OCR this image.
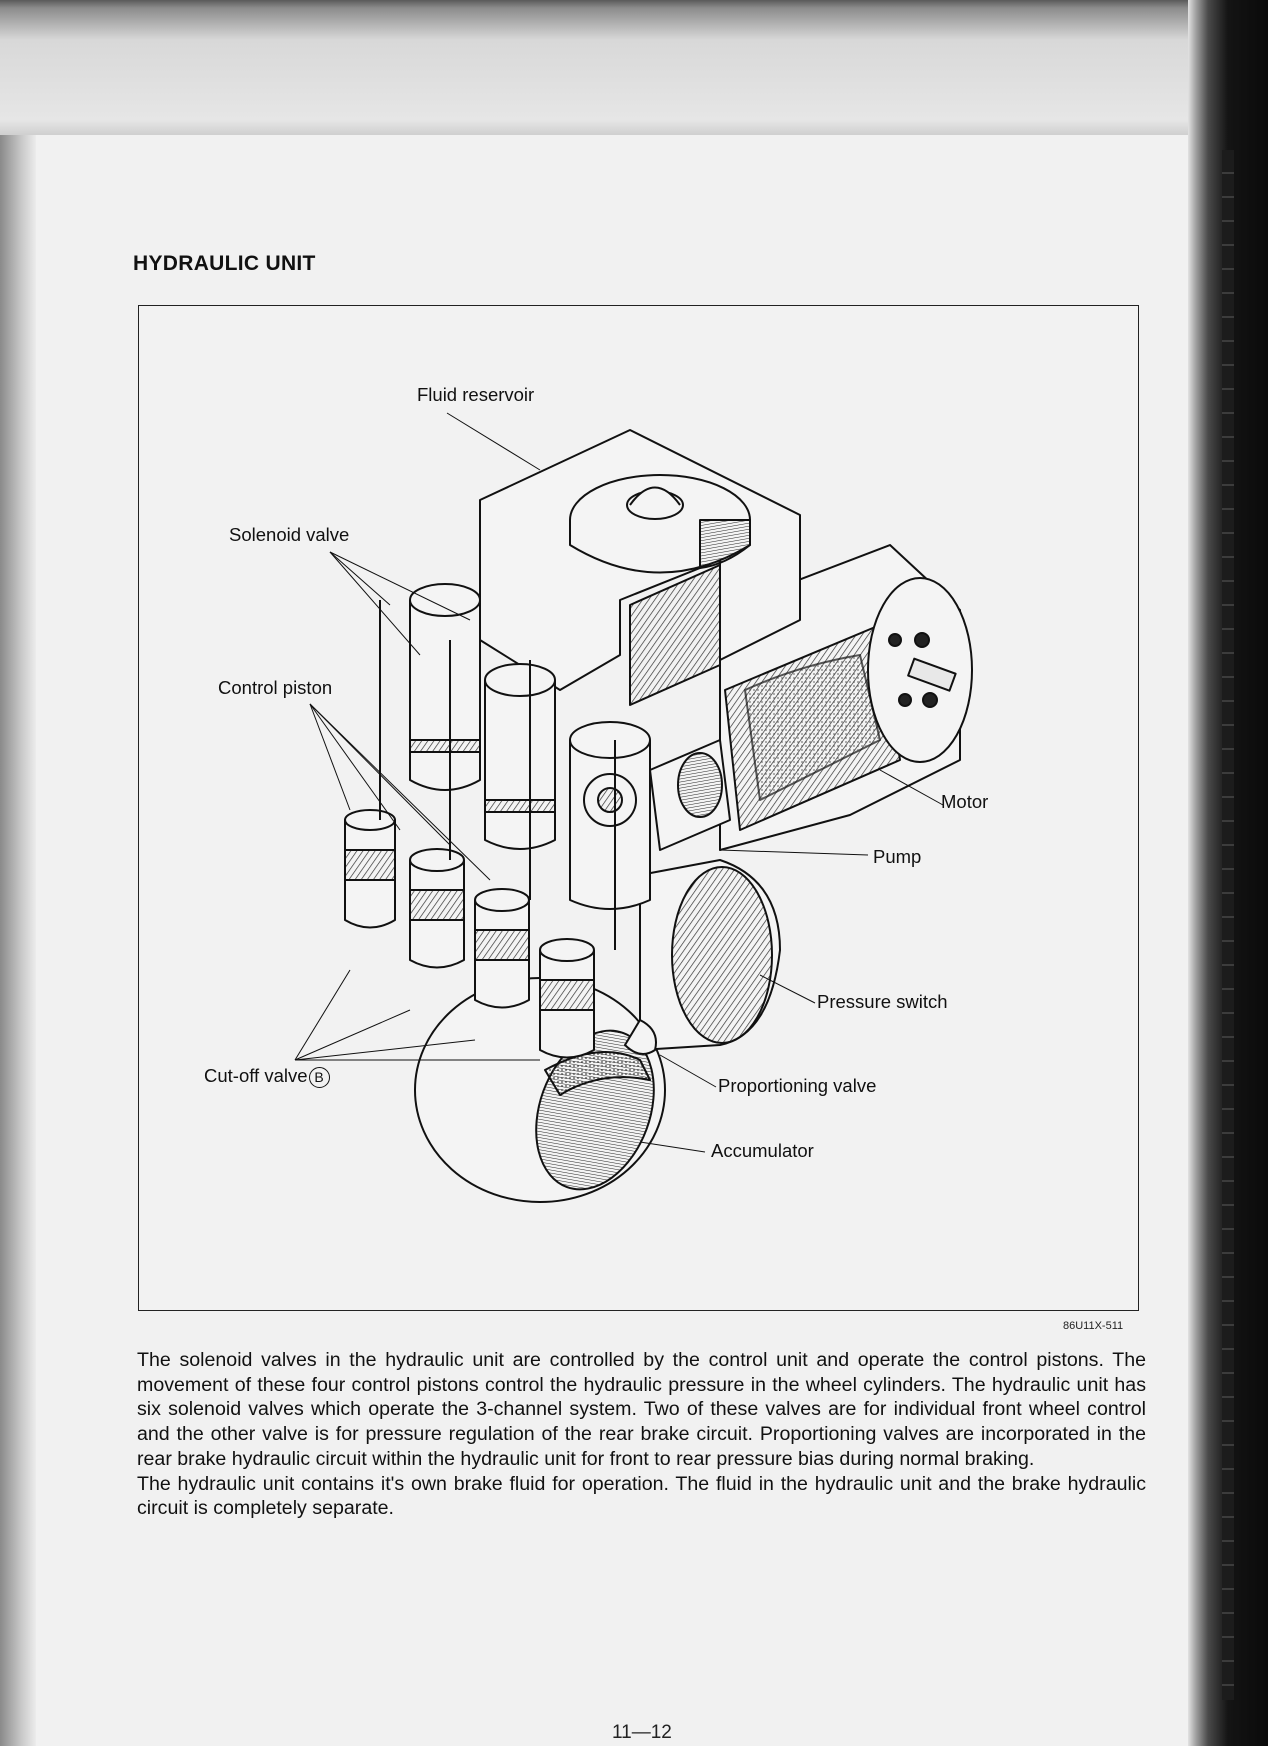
HYDRAULIC UNIT
Fluid reservoir
Solenoid valve
Control piston
Motor
Pump
Pressure switch
Cut-off valve B	Proportioning valve
Accumulator
86U11X-511

The solenoid valves in the hydraulic unit are controlled by the control unit and operate the control pistons. The movement of these four control pistons control the hydraulic pressure in the wheel cylinders. The hydraulic unit has six solenoid valves which operate the 3-channel system. Two of these valves are for individual front wheel control and the other valve is for pressure regulation of the rear brake circuit. Proportioning valves are incorporated in the rear brake hydraulic circuit within the hydraulic unit for front to rear pressure bias during normal braking.

The hydraulic unit contains it's own brake fluid for operation. The fluid in the hydraulic unit and the brake hydraulic circuit is completely separate.

11—12
